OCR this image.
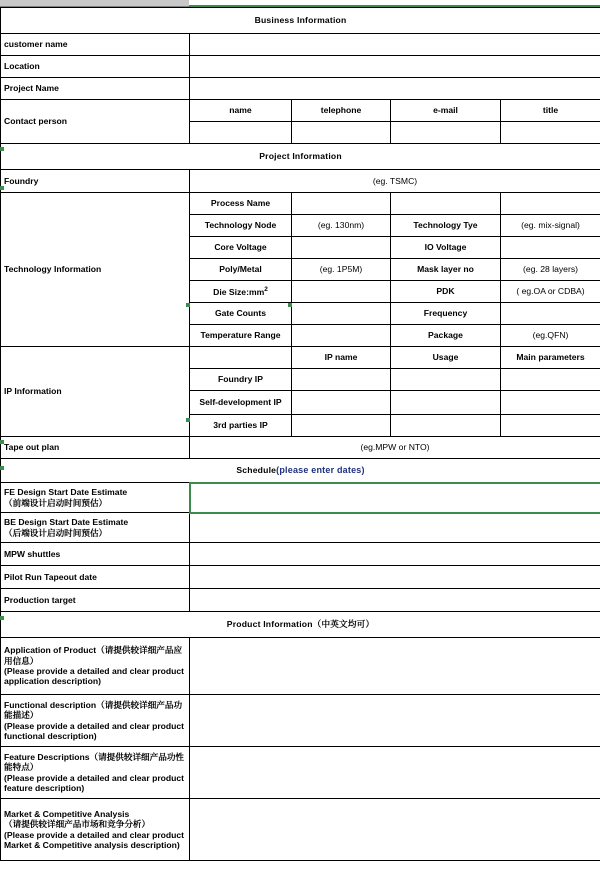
Business Information				
customer name				
Location				
Project Name				
Contact person	name	telephone	e-mail	title

Project Information				
Foundry	(eg. TSMC)			
Technology Information	Process Name			
	Technology Node	(eg. 130nm)	Technology Tye	(eg. mix-signal)
	Core Voltage		IO Voltage	
	Poly/Metal	(eg. 1P5M)	Mask layer no	(eg. 28 layers)
	Die $Size:mm^2$		PDK	( eg.OA or CDBA)
	Gate Counts		Frequency	
	Temperature Range		Package	(eg.QFN)
IP Information		IP name	Usage	Main parameters
	Foundry IP			
	Self-development IP			
	3rd parties IP			
Tape out plan	(eg.MPW or NTO)			
Schedule(please enter dates)				
FE Design Start Date Estimate
（前端设计启动时间预估）				
BE Design Start Date Estimate
（后端设计启动时间预估）				
MPW shuttles				
Pilot Run Tapeout date				
Production target				
Product Information（中英文均可）				
Application of Product（请提供较详细产品应用信息）
(Please provide a detailed and clear product application description)				
Functional description（请提供较详细产品功能描述）
(Please provide a detailed and clear product functional description)				
Feature Descriptions（请提供较详细产品功性能特点）
(Please provide a detailed and clear product feature description)				
Market & Competitive Analysis
（请提供较详细产品市场和竞争分析）
(Please provide a detailed and clear product Market & Competitive analysis description)				
